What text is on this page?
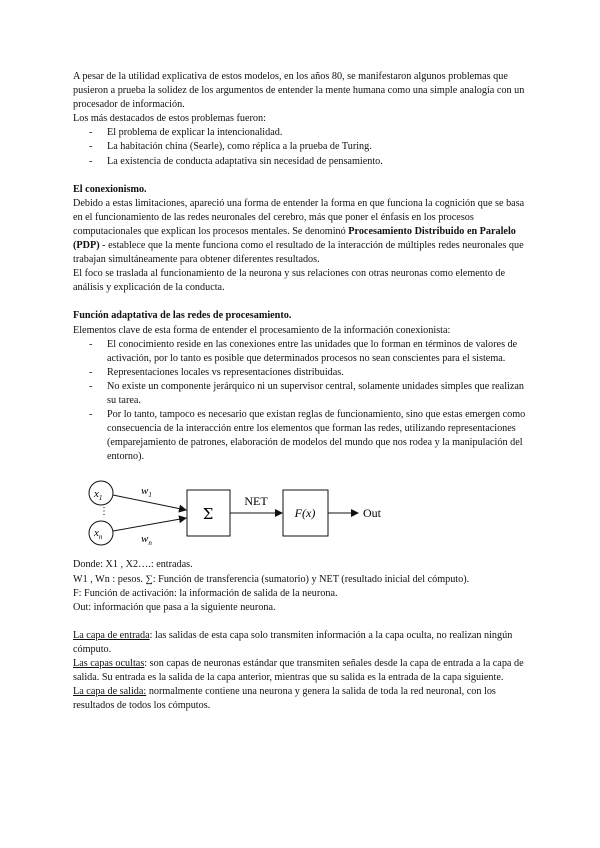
A pesar de la utilidad explicativa de estos modelos, en los años 80, se manifestaron algunos problemas que pusieron a prueba la solidez de los argumentos de entender la mente humana como una simple analogía con un procesador de información.

Los más destacados de estos problemas fueron:

- El problema de explicar la intencionalidad.
- La habitación china (Searle), como réplica a la prueba de Turing.
- La existencia de conducta adaptativa sin necesidad de pensamiento.

El conexionismo.

Debido a estas limitaciones, apareció una forma de entender la forma en que funciona la cognición que se basa en el funcionamiento de las redes neuronales del cerebro, más que poner el énfasis en los procesos computacionales que explican los procesos mentales. Se denominó Procesamiento Distribuido en Paralelo (PDP) - establece que la mente funciona como el resultado de la interacción de múltiples redes neuronales que trabajan simultáneamente para obtener diferentes resultados.

El foco se traslada al funcionamiento de la neurona y sus relaciones con otras neuronas como elemento de análisis y explicación de la conducta.

Función adaptativa de las redes de procesamiento.

Elementos clave de esta forma de entender el procesamiento de la información conexionista:

- El conocimiento reside en las conexiones entre las unidades que lo forman en términos de valores de activación, por lo tanto es posible que determinados procesos no sean conscientes para el sistema.
- Representaciones locales vs representaciones distribuidas.
- No existe un componente jerárquico ni un supervisor central, solamente unidades simples que realizan su tarea.
- Por lo tanto, tampoco es necesario que existan reglas de funcionamiento, sino que estas emergen como consecuencia de la interacción entre los elementos que forman las redes, utilizando representaciones (emparejamiento de patrones, elaboración de modelos del mundo que nos rodea y la manipulación del entorno).
$x_1$
⋮
$x_n$
$w_1$
$w_n$
Σ
NET
F(x)	Out

Donde: X1 , X2….: entradas.

W1 , Wn : pesos. ∑: Función de transferencia (sumatorio) y NET (resultado inicial del cómputo).

F: Función de activación: la información de salida de la neurona.

Out: información que pasa a la siguiente neurona.

La capa de entrada: las salidas de esta capa solo transmiten información a la capa oculta, no realizan ningún cómputo.

Las capas ocultas: son capas de neuronas estándar que transmiten señales desde la capa de entrada a la capa de salida. Su entrada es la salida de la capa anterior, mientras que su salida es la entrada de la capa siguiente.

La capa de salida: normalmente contiene una neurona y genera la salida de toda la red neuronal, con los resultados de todos los cómputos.
